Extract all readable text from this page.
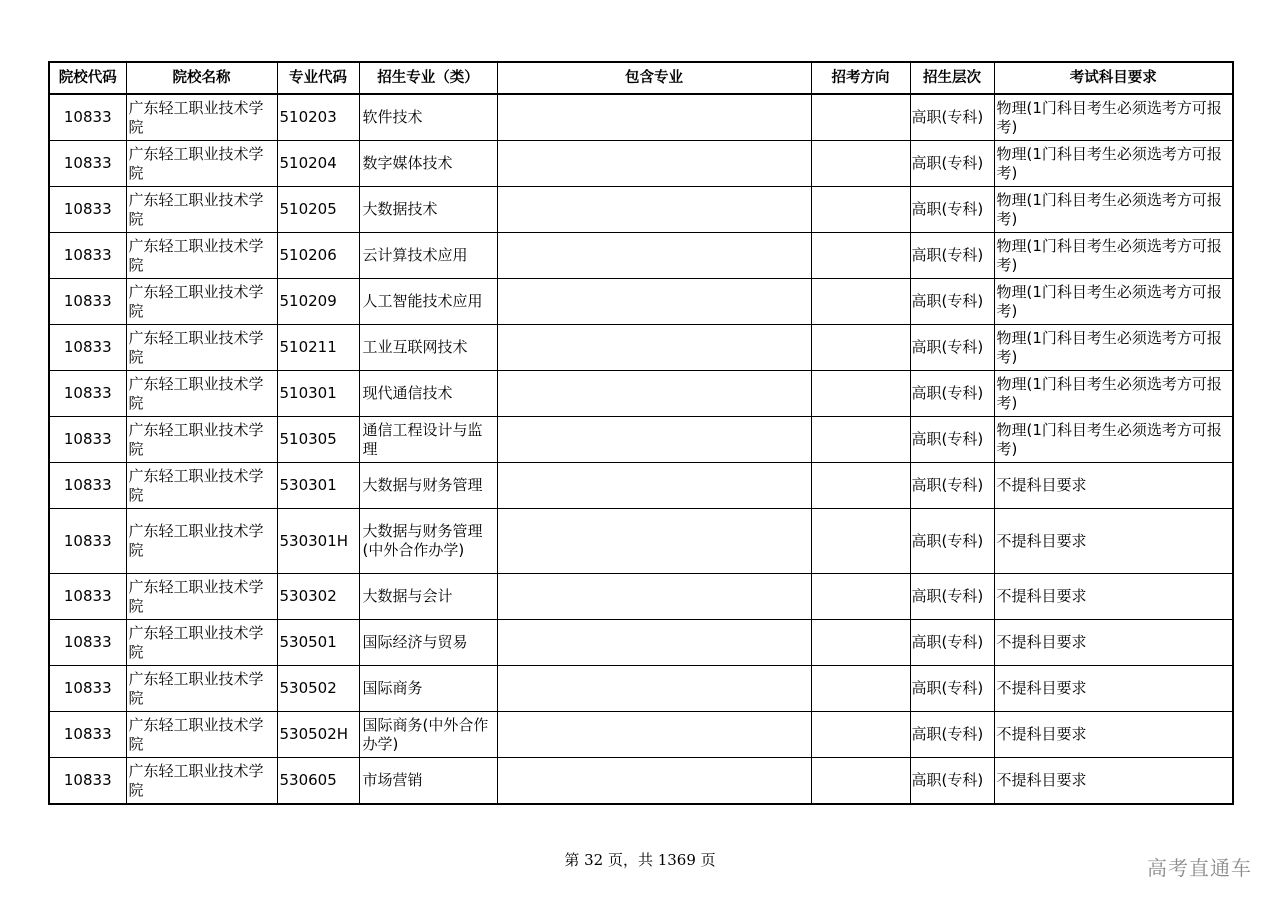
院校代码	院校名称	专业代码	招生专业（类）	包含专业	招考方向	招生层次	考试科目要求
10833	广东轻工职业技术学院	510203	软件技术			高职(专科)	物理(1门科目考生必须选考方可报考)
10833	广东轻工职业技术学院	510204	数字媒体技术			高职(专科)	物理(1门科目考生必须选考方可报考)
10833	广东轻工职业技术学院	510205	大数据技术			高职(专科)	物理(1门科目考生必须选考方可报考)
10833	广东轻工职业技术学院	510206	云计算技术应用			高职(专科)	物理(1门科目考生必须选考方可报考)
10833	广东轻工职业技术学院	510209	人工智能技术应用			高职(专科)	物理(1门科目考生必须选考方可报考)
10833	广东轻工职业技术学院	510211	工业互联网技术			高职(专科)	物理(1门科目考生必须选考方可报考)
10833	广东轻工职业技术学院	510301	现代通信技术			高职(专科)	物理(1门科目考生必须选考方可报考)
10833	广东轻工职业技术学院	510305	通信工程设计与监理			高职(专科)	物理(1门科目考生必须选考方可报考)
10833	广东轻工职业技术学院	530301	大数据与财务管理			高职(专科)	不提科目要求
10833	广东轻工职业技术学院	530301H	大数据与财务管理(中外合作办学)			高职(专科)	不提科目要求
10833	广东轻工职业技术学院	530302	大数据与会计			高职(专科)	不提科目要求
10833	广东轻工职业技术学院	530501	国际经济与贸易			高职(专科)	不提科目要求
10833	广东轻工职业技术学院	530502	国际商务			高职(专科)	不提科目要求
10833	广东轻工职业技术学院	530502H	国际商务(中外合作办学)			高职(专科)	不提科目要求
10833	广东轻工职业技术学院	530605	市场营销			高职(专科)	不提科目要求
第 32 页，共 1369 页	高考直通车
